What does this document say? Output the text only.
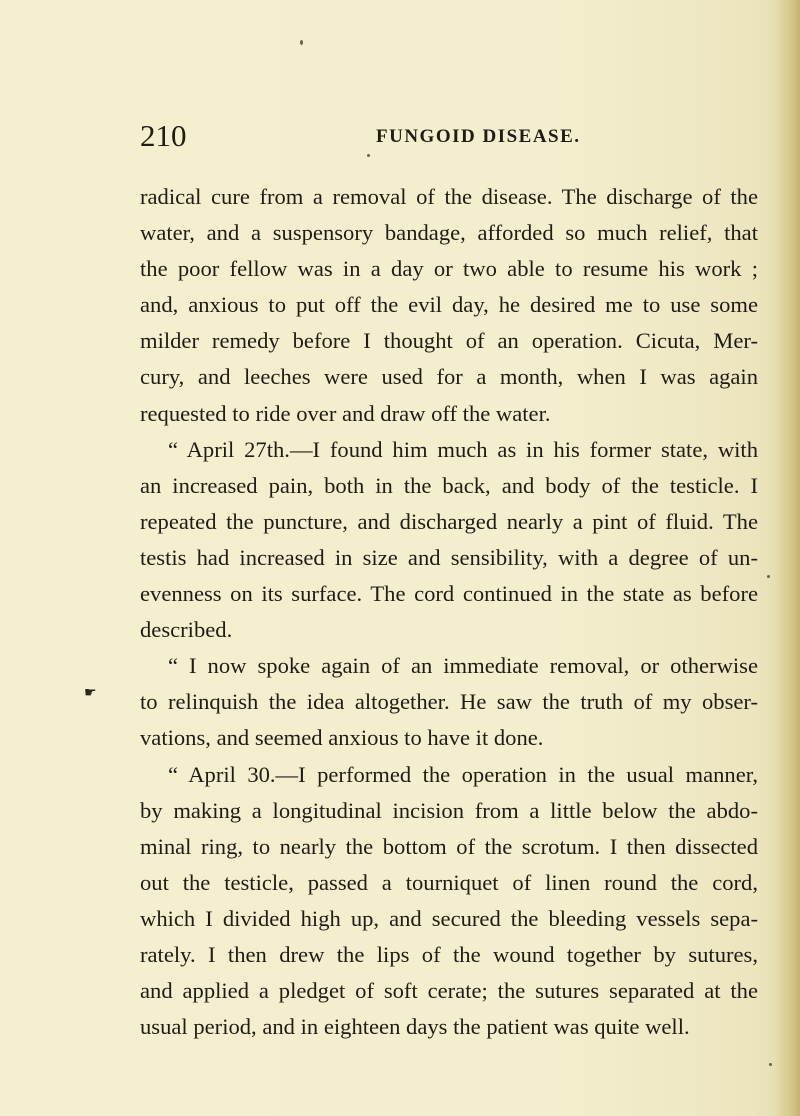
210	FUNGOID DISEASE.
☛
radical cure from a removal of the disease. The discharge of the
water, and a suspensory bandage, afforded so much relief, that
the poor fellow was in a day or two able to resume his work ;
and, anxious to put off the evil day, he desired me to use some
milder remedy before I thought of an operation. Cicuta, Mer-
cury, and leeches were used for a month, when I was again
requested to ride over and draw off the water.
“ April 27th.—I found him much as in his former state, with
an increased pain, both in the back, and body of the testicle. I
repeated the puncture, and discharged nearly a pint of fluid. The
testis had increased in size and sensibility, with a degree of un-
evenness on its surface. The cord continued in the state as before
described.
“ I now spoke again of an immediate removal, or otherwise
to relinquish the idea altogether. He saw the truth of my obser-
vations, and seemed anxious to have it done.
“ April 30.—I performed the operation in the usual manner,
by making a longitudinal incision from a little below the abdo-
minal ring, to nearly the bottom of the scrotum. I then dissected
out the testicle, passed a tourniquet of linen round the cord,
which I divided high up, and secured the bleeding vessels sepa-
rately. I then drew the lips of the wound together by sutures,
and applied a pledget of soft cerate; the sutures separated at the
usual period, and in eighteen days the patient was quite well.
